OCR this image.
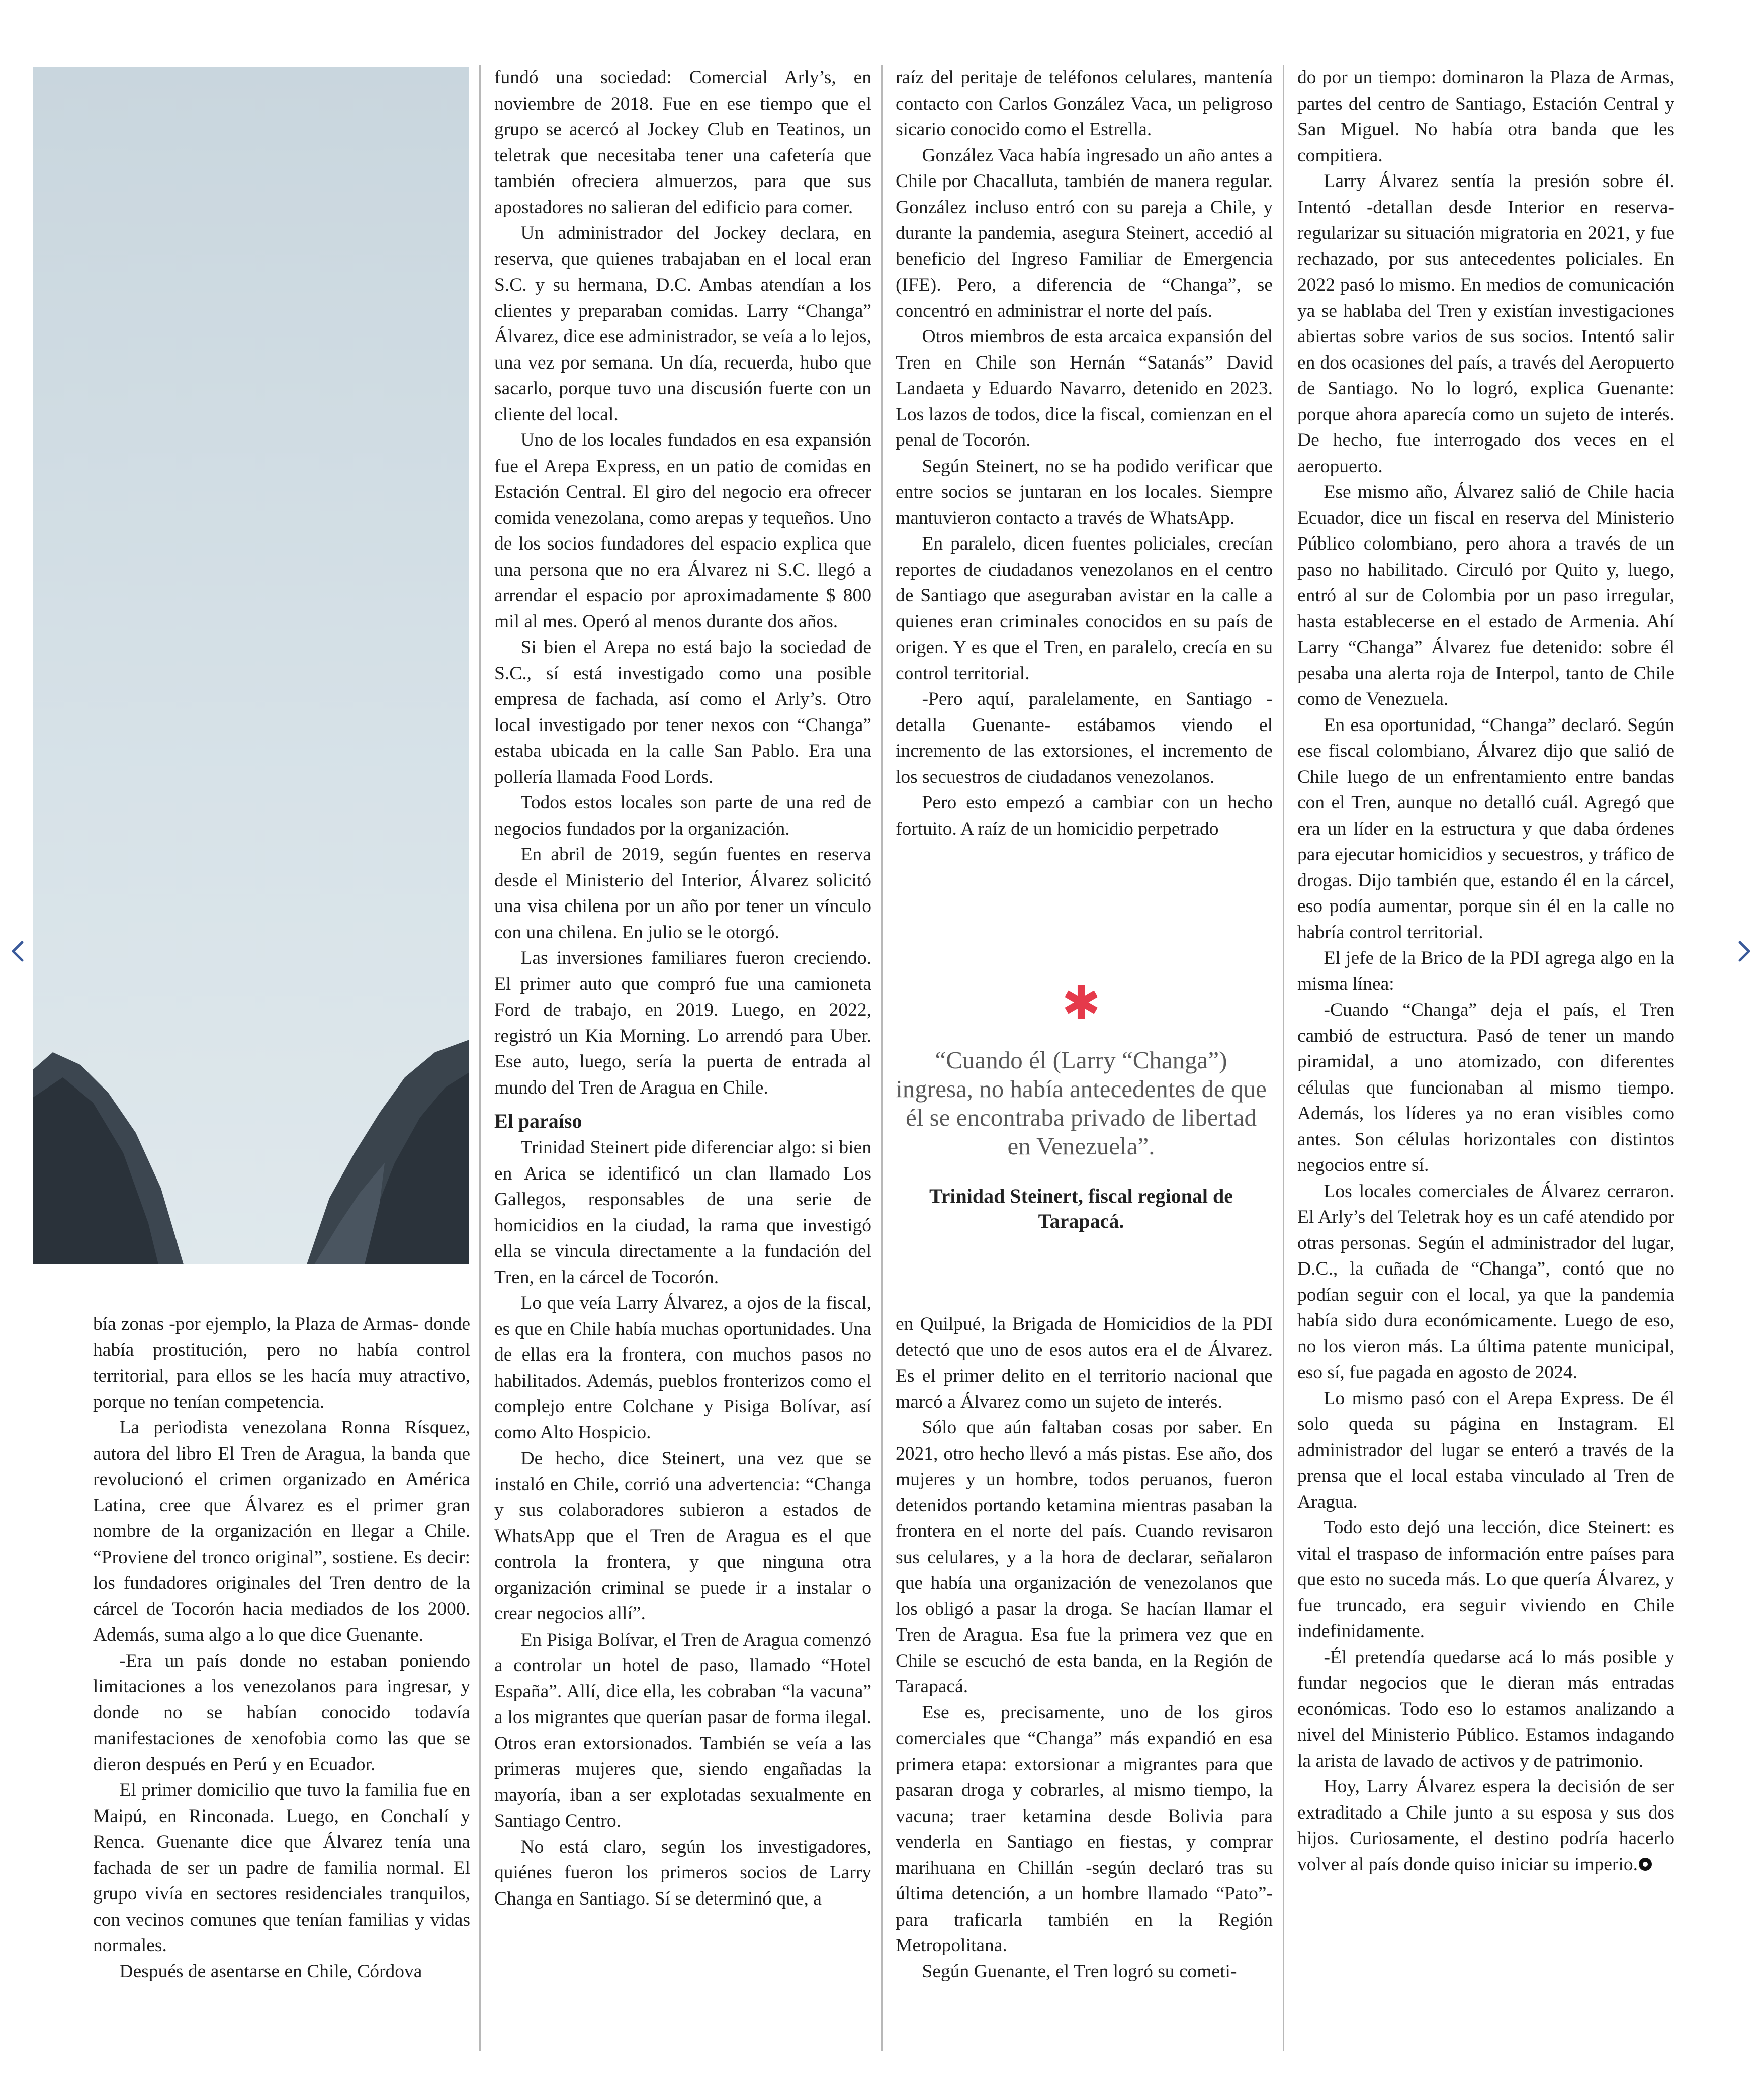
bía zonas -por ejemplo, la Plaza de Armas- donde había prostitución, pero no había control territorial, para ellos se les hacía muy atractivo, porque no tenían competencia.

La periodista venezolana Ronna Rísquez, autora del libro El Tren de Aragua, la banda que revolucionó el crimen organizado en América Latina, cree que Álvarez es el primer gran nombre de la organización en llegar a Chile. “Proviene del tronco original”, sostiene. Es decir: los fundadores originales del Tren dentro de la cárcel de Tocorón hacia mediados de los 2000. Además, suma algo a lo que dice Guenante.

-Era un país donde no estaban poniendo limitaciones a los venezolanos para ingresar, y donde no se habían conocido todavía manifestaciones de xenofobia como las que se dieron después en Perú y en Ecuador.

El primer domicilio que tuvo la familia fue en Maipú, en Rinconada. Luego, en Conchalí y Renca. Guenante dice que Álvarez tenía una fachada de ser un padre de familia normal. El grupo vivía en sectores residenciales tranquilos, con vecinos comunes que tenían familias y vidas normales.

Después de asentarse en Chile, Córdova

fundó una sociedad: Comercial Arly’s, en noviembre de 2018. Fue en ese tiempo que el grupo se acercó al Jockey Club en Teatinos, un teletrak que necesitaba tener una cafetería que también ofreciera almuerzos, para que sus apostadores no salieran del edificio para comer.

Un administrador del Jockey declara, en reserva, que quienes trabajaban en el local eran S.C. y su hermana, D.C. Ambas atendían a los clientes y preparaban comidas. Larry “Changa” Álvarez, dice ese administrador, se veía a lo lejos, una vez por semana. Un día, recuerda, hubo que sacarlo, porque tuvo una discusión fuerte con un cliente del local.

Uno de los locales fundados en esa expansión fue el Arepa Express, en un patio de comidas en Estación Central. El giro del negocio era ofrecer comida venezolana, como arepas y tequeños. Uno de los socios fundadores del espacio explica que una persona que no era Álvarez ni S.C. llegó a arrendar el espacio por aproximadamente $ 800 mil al mes. Operó al menos durante dos años.

Si bien el Arepa no está bajo la sociedad de S.C., sí está investigado como una posible empresa de fachada, así como el Arly’s. Otro local investigado por tener nexos con “Changa” estaba ubicada en la calle San Pablo. Era una pollería llamada Food Lords.

Todos estos locales son parte de una red de negocios fundados por la organización.

En abril de 2019, según fuentes en reserva desde el Ministerio del Interior, Álvarez solicitó una visa chilena por un año por tener un vínculo con una chilena. En julio se le otorgó.

Las inversiones familiares fueron creciendo. El primer auto que compró fue una camioneta Ford de trabajo, en 2019. Luego, en 2022, registró un Kia Morning. Lo arrendó para Uber. Ese auto, luego, sería la puerta de entrada al mundo del Tren de Aragua en Chile.

El paraíso

Trinidad Steinert pide diferenciar algo: si bien en Arica se identificó un clan llamado Los Gallegos, responsables de una serie de homicidios en la ciudad, la rama que investigó ella se vincula directamente a la fundación del Tren, en la cárcel de Tocorón.

Lo que veía Larry Álvarez, a ojos de la fiscal, es que en Chile había muchas oportunidades. Una de ellas era la frontera, con muchos pasos no habilitados. Además, pueblos fronterizos como el complejo entre Colchane y Pisiga Bolívar, así como Alto Hospicio.

De hecho, dice Steinert, una vez que se instaló en Chile, corrió una advertencia: “Changa y sus colaboradores subieron a estados de WhatsApp que el Tren de Aragua es el que controla la frontera, y que ninguna otra organización criminal se puede ir a instalar o crear negocios allí”.

En Pisiga Bolívar, el Tren de Aragua comenzó a controlar un hotel de paso, llamado “Hotel España”. Allí, dice ella, les cobraban “la vacuna” a los migrantes que querían pasar de forma ilegal. Otros eran extorsionados. También se veía a las primeras mujeres que, siendo engañadas la mayoría, iban a ser explotadas sexualmente en Santiago Centro.

No está claro, según los investigadores, quiénes fueron los primeros socios de Larry Changa en Santiago. Sí se determinó que, a

raíz del peritaje de teléfonos celulares, mantenía contacto con Carlos González Vaca, un peligroso sicario conocido como el Estrella.

González Vaca había ingresado un año antes a Chile por Chacalluta, también de manera regular. González incluso entró con su pareja a Chile, y durante la pandemia, asegura Steinert, accedió al beneficio del Ingreso Familiar de Emergencia (IFE). Pero, a diferencia de “Changa”, se concentró en administrar el norte del país.

Otros miembros de esta arcaica expansión del Tren en Chile son Hernán “Satanás” David Landaeta y Eduardo Navarro, detenido en 2023. Los lazos de todos, dice la fiscal, comienzan en el penal de Tocorón.

Según Steinert, no se ha podido verificar que entre socios se juntaran en los locales. Siempre mantuvieron contacto a través de WhatsApp.

En paralelo, dicen fuentes policiales, crecían reportes de ciudadanos venezolanos en el centro de Santiago que aseguraban avistar en la calle a quienes eran criminales conocidos en su país de origen. Y es que el Tren, en paralelo, crecía en su control territorial.

-Pero aquí, paralelamente, en Santiago -detalla Guenante- estábamos viendo el incremento de las extorsiones, el incremento de los secuestros de ciudadanos venezolanos.

Pero esto empezó a cambiar con un hecho fortuito. A raíz de un homicidio perpetrado

✱
“Cuando él (Larry “Changa”) ingresa, no había antecedentes de que él se encontraba privado de libertad en Venezuela”.
Trinidad Steinert, fiscal regional de Tarapacá.

en Quilpué, la Brigada de Homicidios de la PDI detectó que uno de esos autos era el de Álvarez. Es el primer delito en el territorio nacional que marcó a Álvarez como un sujeto de interés.

Sólo que aún faltaban cosas por saber. En 2021, otro hecho llevó a más pistas. Ese año, dos mujeres y un hombre, todos peruanos, fueron detenidos portando ketamina mientras pasaban la frontera en el norte del país. Cuando revisaron sus celulares, y a la hora de declarar, señalaron que había una organización de venezolanos que los obligó a pasar la droga. Se hacían llamar el Tren de Aragua. Esa fue la primera vez que en Chile se escuchó de esta banda, en la Región de Tarapacá.

Ese es, precisamente, uno de los giros comerciales que “Changa” más expandió en esa primera etapa: extorsionar a migrantes para que pasaran droga y cobrarles, al mismo tiempo, la vacuna; traer ketamina desde Bolivia para venderla en Santiago en fiestas, y comprar marihuana en Chillán -según declaró tras su última detención, a un hombre llamado “Pato”- para traficarla también en la Región Metropolitana.

Según Guenante, el Tren logró su cometi-

do por un tiempo: dominaron la Plaza de Armas, partes del centro de Santiago, Estación Central y San Miguel. No había otra banda que les compitiera.

Larry Álvarez sentía la presión sobre él. Intentó -detallan desde Interior en reserva- regularizar su situación migratoria en 2021, y fue rechazado, por sus antecedentes policiales. En 2022 pasó lo mismo. En medios de comunicación ya se hablaba del Tren y existían investigaciones abiertas sobre varios de sus socios. Intentó salir en dos ocasiones del país, a través del Aeropuerto de Santiago. No lo logró, explica Guenante: porque ahora aparecía como un sujeto de interés. De hecho, fue interrogado dos veces en el aeropuerto.

Ese mismo año, Álvarez salió de Chile hacia Ecuador, dice un fiscal en reserva del Ministerio Público colombiano, pero ahora a través de un paso no habilitado. Circuló por Quito y, luego, entró al sur de Colombia por un paso irregular, hasta establecerse en el estado de Armenia. Ahí Larry “Changa” Álvarez fue detenido: sobre él pesaba una alerta roja de Interpol, tanto de Chile como de Venezuela.

En esa oportunidad, “Changa” declaró. Según ese fiscal colombiano, Álvarez dijo que salió de Chile luego de un enfrentamiento entre bandas con el Tren, aunque no detalló cuál. Agregó que era un líder en la estructura y que daba órdenes para ejecutar homicidios y secuestros, y tráfico de drogas. Dijo también que, estando él en la cárcel, eso podía aumentar, porque sin él en la calle no habría control territorial.

El jefe de la Brico de la PDI agrega algo en la misma línea:

-Cuando “Changa” deja el país, el Tren cambió de estructura. Pasó de tener un mando piramidal, a uno atomizado, con diferentes células que funcionaban al mismo tiempo. Además, los líderes ya no eran visibles como antes. Son células horizontales con distintos negocios entre sí.

Los locales comerciales de Álvarez cerraron. El Arly’s del Teletrak hoy es un café atendido por otras personas. Según el administrador del lugar, D.C., la cuñada de “Changa”, contó que no podían seguir con el local, ya que la pandemia había sido dura económicamente. Luego de eso, no los vieron más. La última patente municipal, eso sí, fue pagada en agosto de 2024.

Lo mismo pasó con el Arepa Express. De él solo queda su página en Instagram. El administrador del lugar se enteró a través de la prensa que el local estaba vinculado al Tren de Aragua.

Todo esto dejó una lección, dice Steinert: es vital el traspaso de información entre países para que esto no suceda más. Lo que quería Álvarez, y fue truncado, era seguir viviendo en Chile indefinidamente.

-Él pretendía quedarse acá lo más posible y fundar negocios que le dieran más entradas económicas. Todo eso lo estamos analizando a nivel del Ministerio Público. Estamos indagando la arista de lavado de activos y de patrimonio.

Hoy, Larry Álvarez espera la decisión de ser extraditado a Chile junto a su esposa y sus dos hijos. Curiosamente, el destino podría hacerlo volver al país donde quiso iniciar su imperio.
